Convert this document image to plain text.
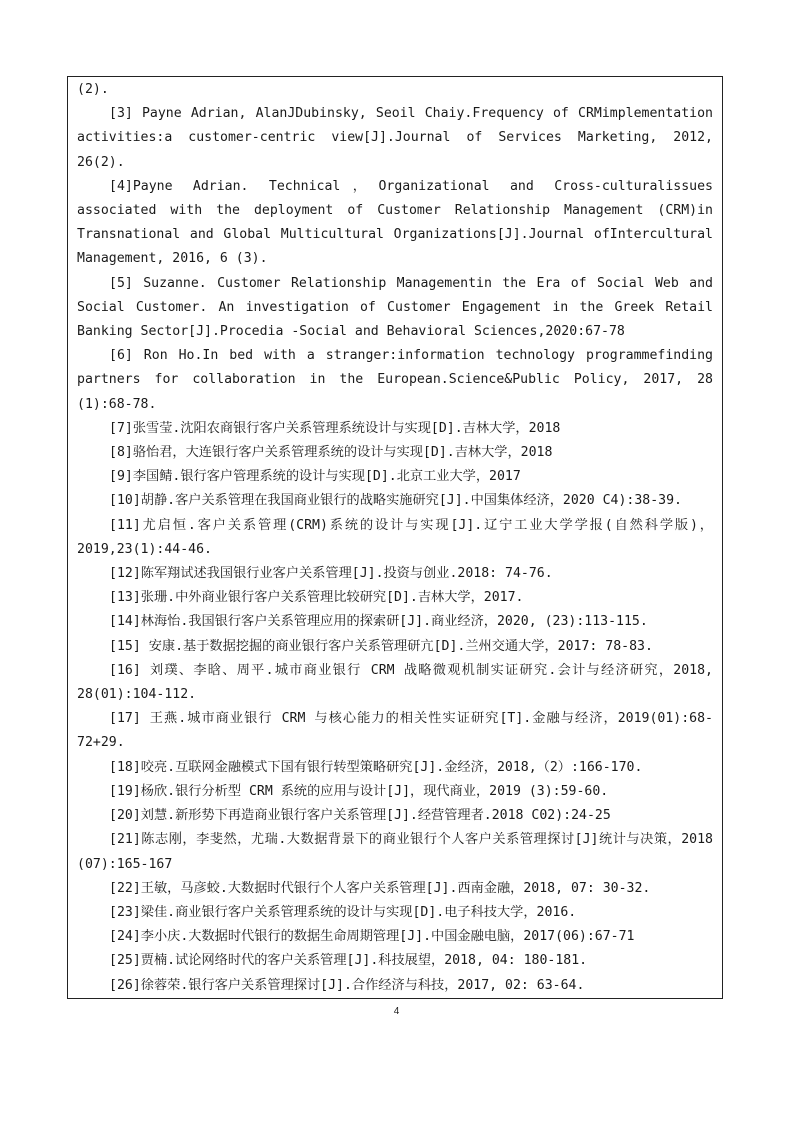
(2).

[3] Payne Adrian, AlanJDubinsky, Seoil Chaiy.Frequency of CRMimplementation activities:a customer-centric view[J].Journal of Services Marketing, 2012, 26(2).

[4]Payne Adrian. Technical，Organizational and Cross-culturalissues associated with the deployment of Customer Relationship Management (CRM)in Transnational and Global Multicultural Organizations[J].Journal ofIntercultural Management, 2016, 6 (3).

[5] Suzanne. Customer Relationship Managementin the Era of Social Web and Social Customer. An investigation of Customer Engagement in the Greek Retail Banking Sector[J].Procedia -Social and Behavioral Sciences,2020:67-78

[6] Ron Ho.In bed with a stranger:information technology programmefinding partners for collaboration in the European.Science&Public Policy, 2017, 28 (1):68-78.

[7]张雪莹.沈阳农商银行客户关系管理系统设计与实现[D].吉林大学，2018

[8]骆怡君，大连银行客户关系管理系统的设计与实现[D].吉林大学，2018

[9]李国鲭.银行客户管理系统的设计与实现[D].北京工业大学，2017

[10]胡静.客户关系管理在我国商业银行的战略实施研究[J].中国集体经济，2020 C4):38-39.

[11]尤启恒.客户关系管理(CRM)系统的设计与实现[J].辽宁工业大学学报(自然科学版)，2019,23(1):44-46.

[12]陈军翔试述我国银行业客户关系管理[J].投资与创业.2018: 74-76.

[13]张珊.中外商业银行客户关系管理比较研究[D].吉林大学，2017.

[14]林海怡.我国银行客户关系管理应用的探索研[J].商业经济，2020, (23):113-115.

[15] 安康.基于数据挖掘的商业银行客户关系管理研亢[D].兰州交通大学，2017: 78-83.

[16] 刘璞、李晗、周平.城市商业银行 CRM 战略微观机制实证研究.会计与经济研究，2018, 28(01):104-112.

[17] 王燕.城市商业银行 CRM 与核心能力的相关性实证研究[T].金融与经济，2019(01):68-72+29.

[18]咬亮.互联网金融模式下国有银行转型策略研究[J].金经济，2018,（2）:166-170.

[19]杨欣.银行分析型 CRM 系统的应用与设计[J]，现代商业，2019 (3):59-60.

[20]刘慧.新形势下再造商业银行客户关系管理[J].经营管理者.2018 C02):24-25

[21]陈志刚，李斐然，尤瑞.大数据背景下的商业银行个人客户关系管理探讨[J]统计与决策，2018 (07):165-167

[22]王敏，马彦蛟.大数据时代银行个人客户关系管理[J].西南金融，2018, 07: 30-32.

[23]梁佳.商业银行客户关系管理系统的设计与实现[D].电子科技大学，2016.

[24]李小庆.大数据时代银行的数据生命周期管理[J].中国金融电脑，2017(06):67-71

[25]贾楠.试论网络时代的客户关系管理[J].科技展望，2018, 04: 180-181.

[26]徐蓉荣.银行客户关系管理探讨[J].合作经济与科技，2017, 02: 63-64.

4
